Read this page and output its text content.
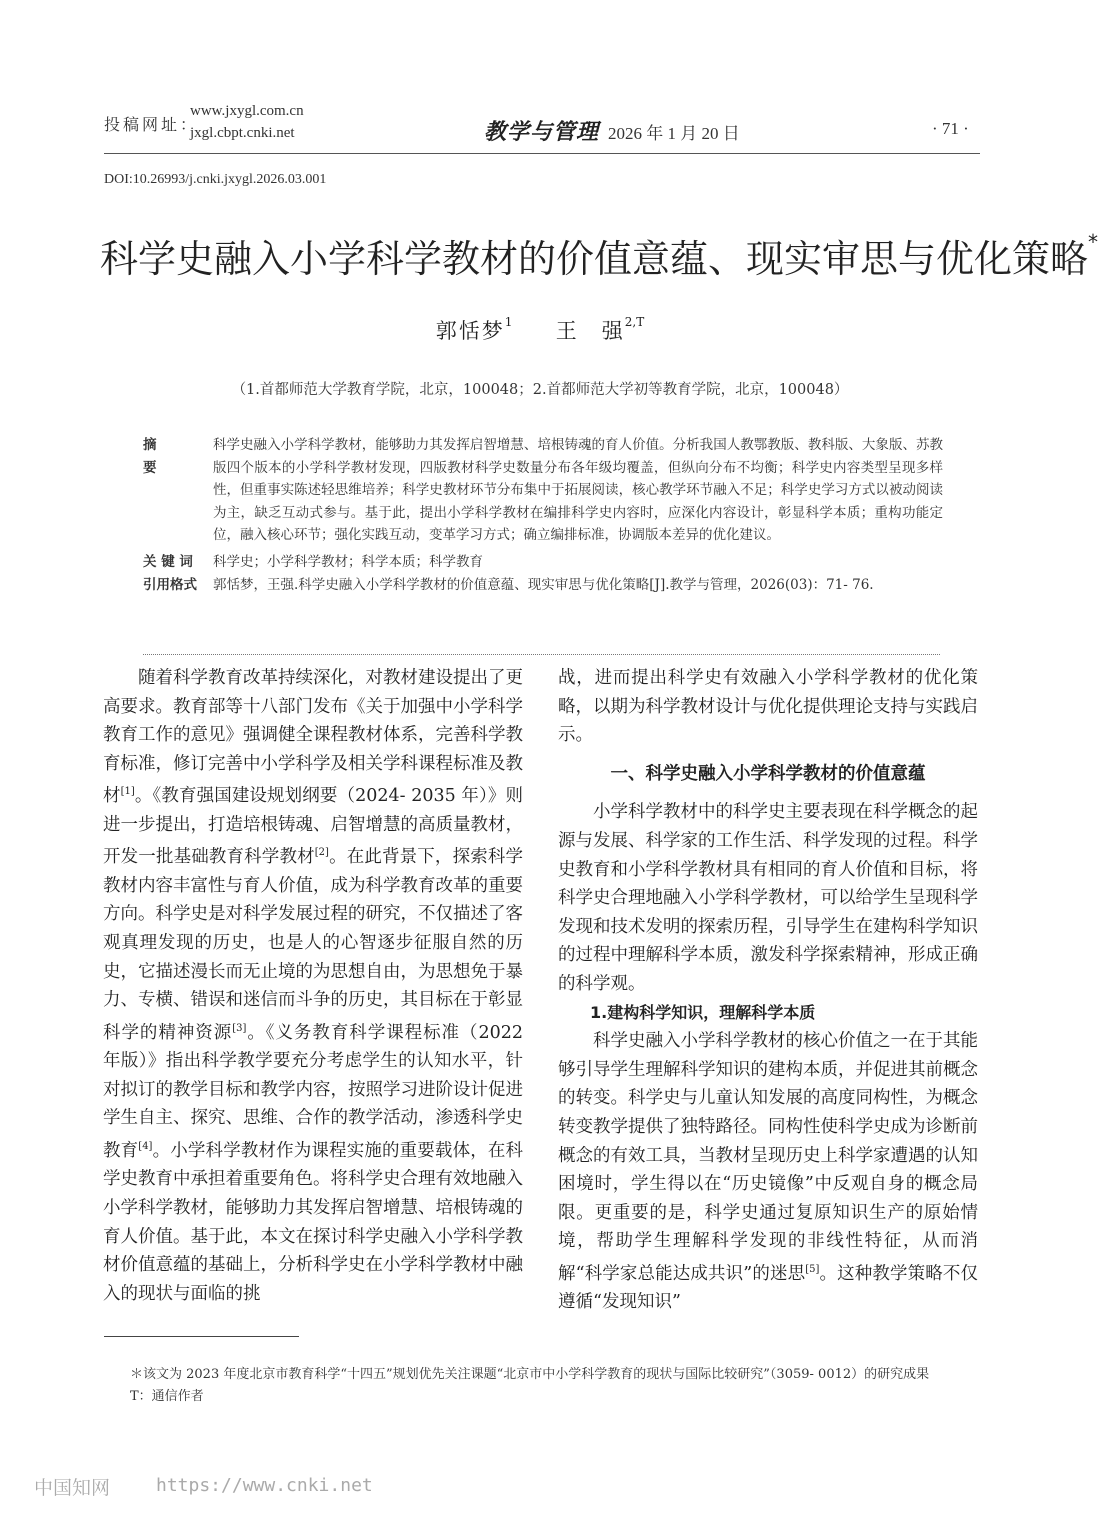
投稿网址：
www.jxygl.com.cn
jxgl.cbpt.cnki.net	教学与管理 2026 年 1 月 20 日	· 71 ·
DOI:10.26993/j.cnki.jxygl.2026.03.001
科学史融入小学科学教材的价值意蕴、现实审思与优化策略*
郭恬梦$^1$ 王　强$^{2,T}$
（1.首都师范大学教育学院，北京，100048；2.首都师范大学初等教育学院，北京，100048）
摘要
科学史融入小学科学教材，能够助力其发挥启智增慧、培根铸魂的育人价值。分析我国人教鄂教版、教科版、大象版、苏教版四个版本的小学科学教材发现，四版教材科学史数量分布各年级均覆盖，但纵向分布不均衡；科学史内容类型呈现多样性，但重事实陈述轻思维培养；科学史教材环节分布集中于拓展阅读，核心教学环节融入不足；科学史学习方式以被动阅读为主，缺乏互动式参与。基于此，提出小学科学教材在编排科学史内容时，应深化内容设计，彰显科学本质；重构功能定位，融入核心环节；强化实践互动，变革学习方式；确立编排标准，协调版本差异的优化建议。
关 键 词	科学史；小学科学教材；科学本质；科学教育
引用格式	郭恬梦，王强.科学史融入小学科学教材的价值意蕴、现实审思与优化策略[J].教学与管理，2026(03)：71- 76.

随着科学教育改革持续深化，对教材建设提出了更高要求。教育部等十八部门发布《关于加强中小学科学教育工作的意见》强调健全课程教材体系，完善科学教育标准，修订完善中小学科学及相关学科课程标准及教材[1]。《教育强国建设规划纲要（2024- 2035 年）》则进一步提出，打造培根铸魂、启智增慧的高质量教材，开发一批基础教育科学教材[2]。在此背景下，探索科学教材内容丰富性与育人价值，成为科学教育改革的重要方向。科学史是对科学发展过程的研究，不仅描述了客观真理发现的历史，也是人的心智逐步征服自然的历史，它描述漫长而无止境的为思想自由，为思想免于暴力、专横、错误和迷信而斗争的历史，其目标在于彰显科学的精神资源[3]。《义务教育科学课程标准（2022 年版）》指出科学教学要充分考虑学生的认知水平，针对拟订的教学目标和教学内容，按照学习进阶设计促进学生自主、探究、思维、合作的教学活动，渗透科学史教育[4]。小学科学教材作为课程实施的重要载体，在科学史教育中承担着重要角色。将科学史合理有效地融入小学科学教材，能够助力其发挥启智增慧、培根铸魂的育人价值。基于此，本文在探讨科学史融入小学科学教材价值意蕴的基础上，分析科学史在小学科学教材中融入的现状与面临的挑

战，进而提出科学史有效融入小学科学教材的优化策略，以期为科学教材设计与优化提供理论支持与实践启示。

一、科学史融入小学科学教材的价值意蕴

小学科学教材中的科学史主要表现在科学概念的起源与发展、科学家的工作生活、科学发现的过程。科学史教育和小学科学教材具有相同的育人价值和目标，将科学史合理地融入小学科学教材，可以给学生呈现科学发现和技术发明的探索历程，引导学生在建构科学知识的过程中理解科学本质，激发科学探索精神，形成正确的科学观。

1.建构科学知识，理解科学本质

科学史融入小学科学教材的核心价值之一在于其能够引导学生理解科学知识的建构本质，并促进其前概念的转变。科学史与儿童认知发展的高度同构性，为概念转变教学提供了独特路径。同构性使科学史成为诊断前概念的有效工具，当教材呈现历史上科学家遭遇的认知困境时，学生得以在“历史镜像”中反观自身的概念局限。更重要的是，科学史通过复原知识生产的原始情境，帮助学生理解科学发现的非线性特征，从而消解“科学家总能达成共识”的迷思[5]。这种教学策略不仅遵循“发现知识”

＊该文为 2023 年度北京市教育科学“十四五”规划优先关注课题“北京市中小学科学教育的现状与国际比较研究”（3059- 0012）的研究成果
T：通信作者
中国知网	https://www.cnki.net
